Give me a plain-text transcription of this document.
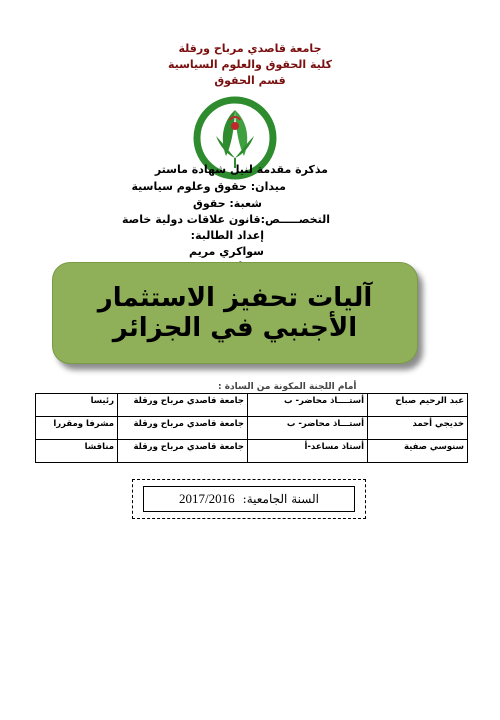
جامعة قاصدي مرباح ورقلة
كلية الحقوق والعلوم السياسية
قسم الحقوق
مذكرة مقدمة لنيل شهادة ماستر
ميدان: حقوق وعلوم سياسية
شعبة: حقوق
التخصـــــص:قانون علاقات دولية خاصة
إعداد الطالبة:
سواكري مريم
آليات تحفيز الاستثمار الأجنبي في الجزائر
أمام اللجنة المكونة من السادة :
عبد الرحيم صباح	أستــــاذ محاضر- ب	جامعة قاصدي مرباح ورقلة	رئيسا
خديجي أحمد	أستـــاذ محاضر- ب	جامعة قاصدي مرباح ورقلة	مشرفا ومقررا
سنوسي صفية	أستاذ مساعد-أ	جامعة قاصدي مرباح ورقلة	مناقشا
السنة الجامعية:
2017/2016
